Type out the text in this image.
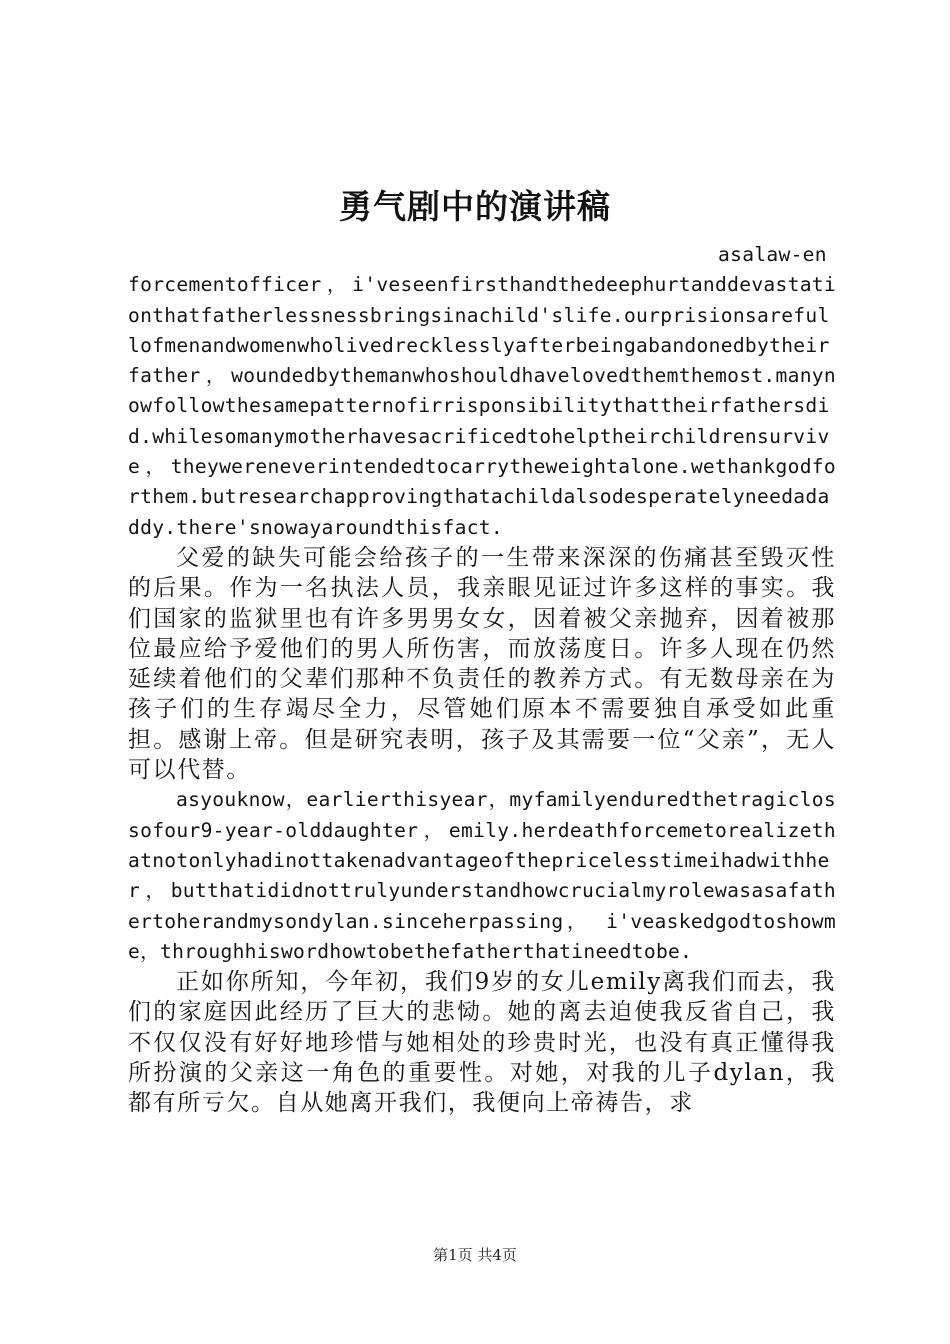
勇气剧中的演讲稿

asalaw-enforcementofficer，i'veseenfirsthandthedeephurtanddevastationthatfatherlessnessbringsinachild'slife.ourprisionsarefullofmenandwomenwholivedrecklesslyafterbeingabandonedbytheirfather，woundedbythemanwhoshouldhavelovedthemthemost.manynowfollowthesamepatternofirrisponsibilitythattheirfathersdid.whilesomanymotherhavesacrificedtohelptheirchildrensurvive，theywereneverintendedtocarrytheweightalone.wethankgodforthem.butresearchapprovingthatachildalsodesperatelyneedadaddy.there'snowayaroundthisfact.

父爱的缺失可能会给孩子的一生带来深深的伤痛甚至毁灭性的后果。作为一名执法人员，我亲眼见证过许多这样的事实。我们国家的监狱里也有许多男男女女，因着被父亲抛弃，因着被那位最应给予爱他们的男人所伤害，而放荡度日。许多人现在仍然延续着他们的父辈们那种不负责任的教养方式。有无数母亲在为孩子们的生存竭尽全力，尽管她们原本不需要独自承受如此重担。感谢上帝。但是研究表明，孩子及其需要一位“父亲”，无人可以代替。

asyouknow，earlierthisyear，myfamilyenduredthetragiclossofour9-year-olddaughter，emily.herdeathforcemetorealizethatnotonlyhadinottakenadvantageofthepricelesstimeihadwithher，butthatididnottrulyunderstandhowcrucialmyrolewasasafathertoherandmysondylan.sinceherpassing， i'veaskedgodtoshowme，throughhiswordhowtobethefatherthatineedtobe.

正如你所知，今年初，我们9岁的女儿emily离我们而去，我们的家庭因此经历了巨大的悲恸。她的离去迫使我反省自己，我不仅仅没有好好地珍惜与她相处的珍贵时光，也没有真正懂得我所扮演的父亲这一角色的重要性。对她，对我的儿子dylan，我都有所亏欠。自从她离开我们，我便向上帝祷告，求

第1页 共4页
